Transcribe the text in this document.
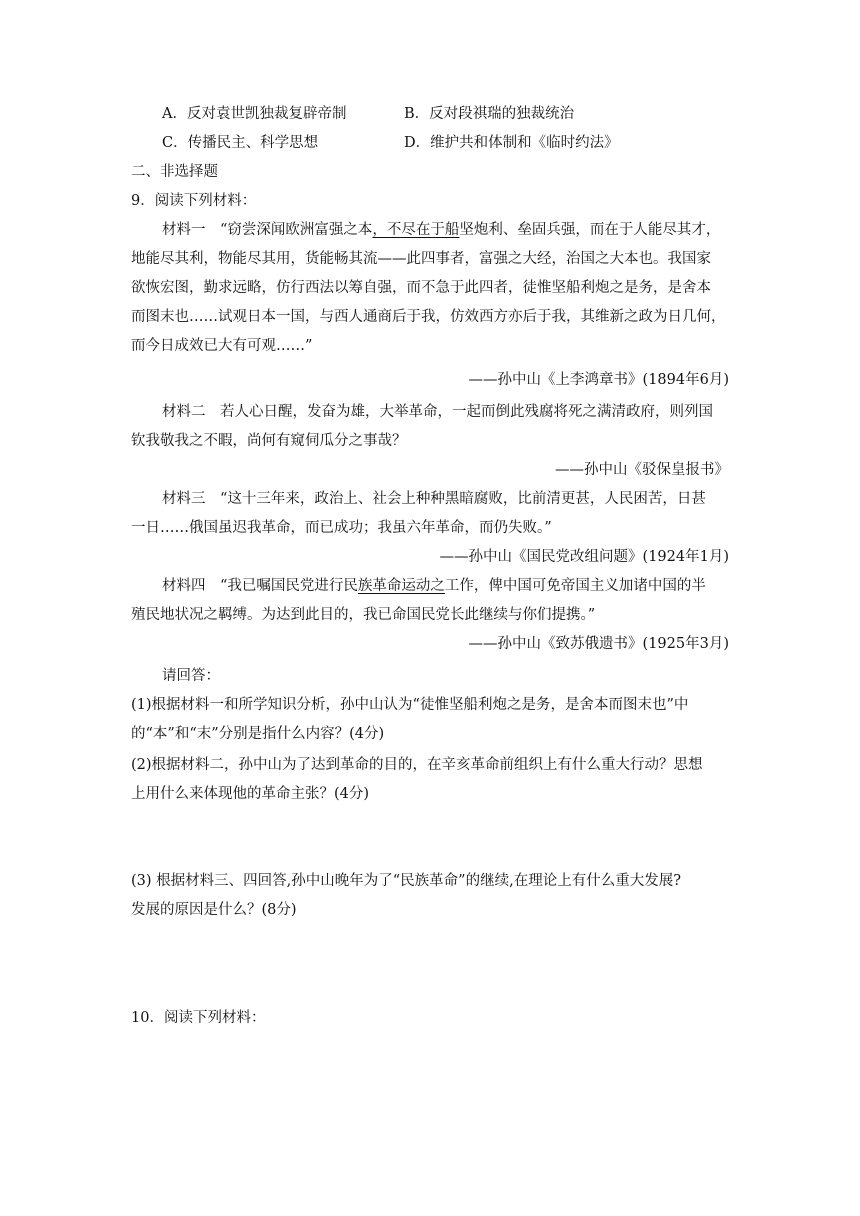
A．反对袁世凯独裁复辟帝制	B．反对段祺瑞的独裁统治
C．传播民主、科学思想	D．维护共和体制和《临时约法》
二、非选择题
9．阅读下列材料：
材料一　“窃尝深闻欧洲富强之本，不尽在于船坚炮利、垒固兵强，而在于人能尽其才，
地能尽其利，物能尽其用，货能畅其流——此四事者，富强之大经，治国之大本也。我国家
欲恢宏图，勤求远略，仿行西法以筹自强，而不急于此四者，徒惟坚船利炮之是务，是舍本
而图末也……试观日本一国，与西人通商后于我，仿效西方亦后于我，其维新之政为日几何，
而今日成效已大有可观……”
——孙中山《上李鸿章书》(1894年6月)
材料二　若人心日醒，发奋为雄，大举革命，一起而倒此残腐将死之满清政府，则列国
钦我敬我之不暇，尚何有窥伺瓜分之事哉？
——孙中山《驳保皇报书》
材料三　“这十三年来，政治上、社会上种种黑暗腐败，比前清更甚，人民困苦，日甚
一日……俄国虽迟我革命，而已成功；我虽六年革命，而仍失败。”
——孙中山《国民党改组问题》(1924年1月)
材料四　“我已嘱国民党进行民族革命运动之工作，俾中国可免帝国主义加诸中国的半
殖民地状况之羁缚。为达到此目的，我已命国民党长此继续与你们提携。”
——孙中山《致苏俄遗书》(1925年3月)
请回答：
(1)根据材料一和所学知识分析，孙中山认为“徒惟坚船利炮之是务，是舍本而图末也”中
的“本”和“末”分别是指什么内容？(4分)
(2)根据材料二，孙中山为了达到革命的目的，在辛亥革命前组织上有什么重大行动？思想
上用什么来体现他的革命主张？(4分)
(3) 根据材料三、四回答,孙中山晚年为了“民族革命”的继续,在理论上有什么重大发展?
发展的原因是什么？(8分)
10．阅读下列材料：
